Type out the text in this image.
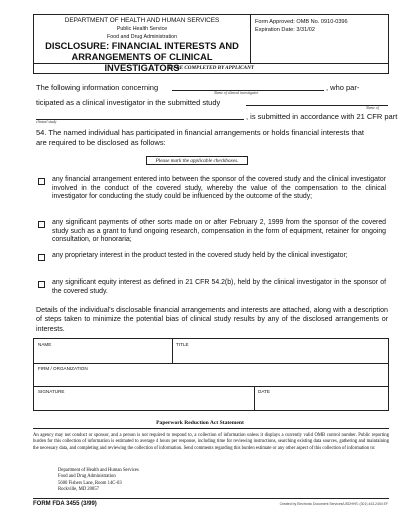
DEPARTMENT OF HEALTH AND HUMAN SERVICES
Public Health Service
Food and Drug Administration
DISCLOSURE: FINANCIAL INTERESTS AND
ARRANGEMENTS OF CLINICAL INVESTIGATORS
Form Approved: OMB No. 0910-0396
Expiration Date: 3/31/02
TO BE COMPLETED BY APPLICANT
The following information concerning
Name of clinical investigator
, who par-
ticipated as a clinical investigator in the submitted study
Name of
clinical study
, is submitted in accordance with 21 CFR part
54. The named individual has participated in financial arrangements or holds financial interests that
are required to be disclosed as follows:
Please mark the applicable checkboxes.
any financial arrangement entered into between the sponsor of the covered study and the clinical investigator involved in the conduct of the covered study, whereby the value of the compensation to the clinical investigator for conducting the study could be influenced by the outcome of the study;
any significant payments of other sorts made on or after February 2, 1999 from the sponsor of the covered study such as a grant to fund ongoing research, compensation in the form of equipment, retainer for ongoing consultation, or honoraria;
any proprietary interest in the product tested in the covered study held by the clinical investigator;
any significant equity interest as defined in 21 CFR 54.2(b), held by the clinical investigator in the sponsor of the covered study.
Details of the individual's disclosable financial arrangements and interests are attached, along with a description of steps taken to minimize the potential bias of clinical study results by any of the disclosed arrangements or interests.
NAME	TITLE
FIRM / ORGANIZATION
SIGNATURE	DATE
Paperwork Reduction Act Statement
An agency may not conduct or sponsor, and a person is not required to respond to, a collection of information unless it displays a currently valid OMB control number. Public reporting burden for this collection of information is estimated to average 4 hours per response, including time for reviewing instructions, searching existing data sources, gathering and maintaining the necessary data, and completing and reviewing the collection of information. Send comments regarding this burden estimate or any other aspect of this collection of information to:
Department of Health and Human Services
Food and Drug Administration
5600 Fishers Lane, Room 14C-03
Rockville, MD 20857
FORM FDA 3455 (3/99)	Created by Electronic Document Services/USDHHS: (301) 443-2454 EF
